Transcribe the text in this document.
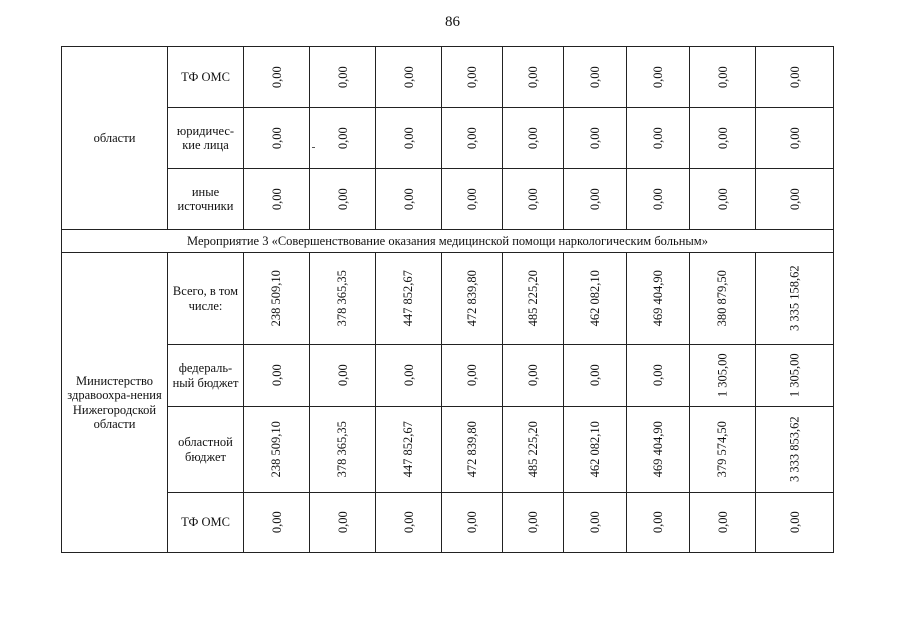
86
области	ТФ ОМС	0,00	0,00	0,00	0,00	0,00	0,00	0,00	0,00	0,00
	юридичес-кие лица	0,00	0,00	0,00	0,00	0,00	0,00	0,00	0,00	0,00
	иные источники	0,00	0,00	0,00	0,00	0,00	0,00	0,00	0,00	0,00
Мероприятие 3 «Совершенствование оказания медицинской помощи наркологическим больным»										

Министерство здравоохра-нения Нижегородской области	Всего, в том числе:	238 509,10	378 365,35	447 852,67	472 839,80	485 225,20	462 082,10	469 404,90	380 879,50	3 335 158,62
	федераль-ный бюджет	0,00	0,00	0,00	0,00	0,00	0,00	0,00	1 305,00	1 305,00
	областной бюджет	238 509,10	378 365,35	447 852,67	472 839,80	485 225,20	462 082,10	469 404,90	379 574,50	3 333 853,62
	ТФ ОМС	0,00	0,00	0,00	0,00	0,00	0,00	0,00	0,00	0,00
